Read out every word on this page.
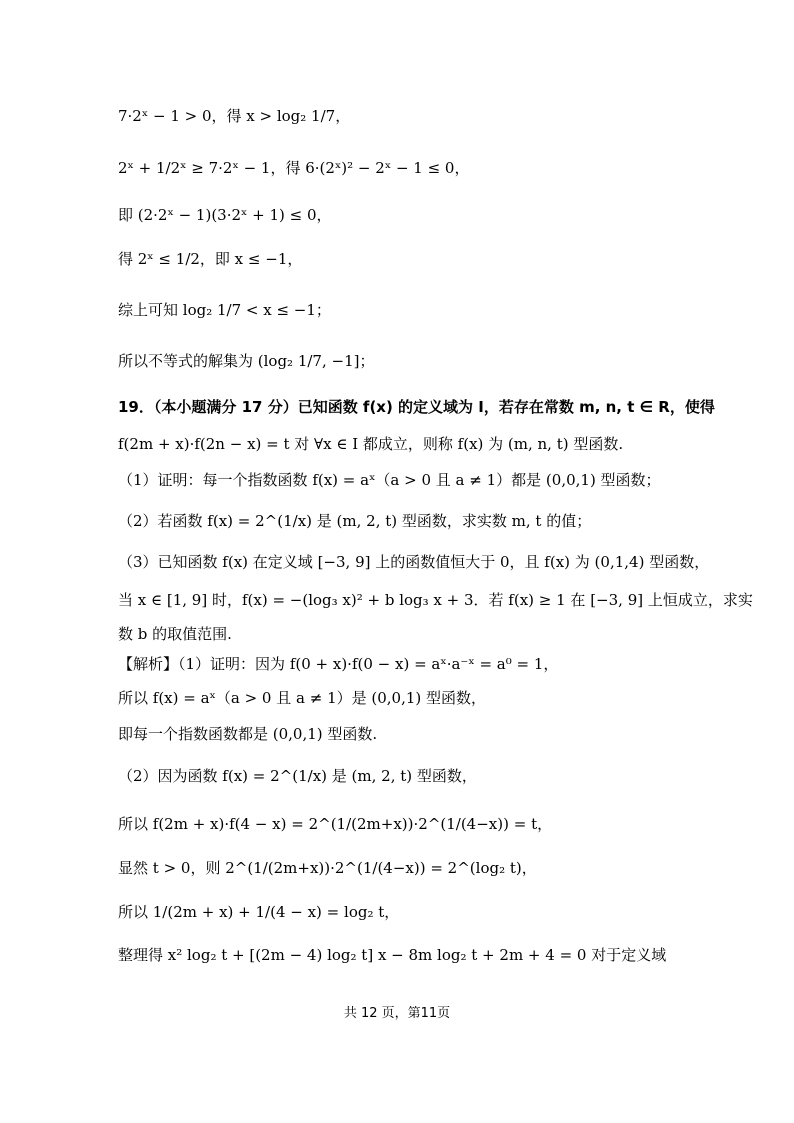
7·2ˣ − 1 > 0，得 x > log₂ 1/7，
2ˣ + 1/2ˣ ≥ 7·2ˣ − 1，得 6·(2ˣ)² − 2ˣ − 1 ≤ 0，
即 (2·2ˣ − 1)(3·2ˣ + 1) ≤ 0，
得 2ˣ ≤ 1/2，即 x ≤ −1，
综上可知 log₂ 1/7 < x ≤ −1；
所以不等式的解集为 (log₂ 1/7, −1]；
19．（本小题满分 17 分）已知函数 f(x) 的定义域为 I，若存在常数 m, n, t ∈ R，使得
f(2m + x)·f(2n − x) = t 对 ∀x ∈ I 都成立，则称 f(x) 为 (m, n, t) 型函数.
（1）证明：每一个指数函数 f(x) = aˣ（a > 0 且 a ≠ 1）都是 (0,0,1) 型函数；
（2）若函数 f(x) = 2^(1/x) 是 (m, 2, t) 型函数，求实数 m, t 的值；
（3）已知函数 f(x) 在定义域 [−3, 9] 上的函数值恒大于 0，且 f(x) 为 (0,1,4) 型函数，
当 x ∈ [1, 9] 时，f(x) = −(log₃ x)² + b log₃ x + 3．若 f(x) ≥ 1 在 [−3, 9] 上恒成立，求实
数 b 的取值范围.
【解析】（1）证明：因为 f(0 + x)·f(0 − x) = aˣ·a⁻ˣ = a⁰ = 1，
所以 f(x) = aˣ（a > 0 且 a ≠ 1）是 (0,0,1) 型函数，
即每一个指数函数都是 (0,0,1) 型函数.
（2）因为函数 f(x) = 2^(1/x) 是 (m, 2, t) 型函数，
所以 f(2m + x)·f(4 − x) = 2^(1/(2m+x))·2^(1/(4−x)) = t，
显然 t > 0，则 2^(1/(2m+x))·2^(1/(4−x)) = 2^(log₂ t)，
所以 1/(2m + x) + 1/(4 − x) = log₂ t，
整理得 x² log₂ t + [(2m − 4) log₂ t] x − 8m log₂ t + 2m + 4 = 0 对于定义域
共 12 页，第11页
